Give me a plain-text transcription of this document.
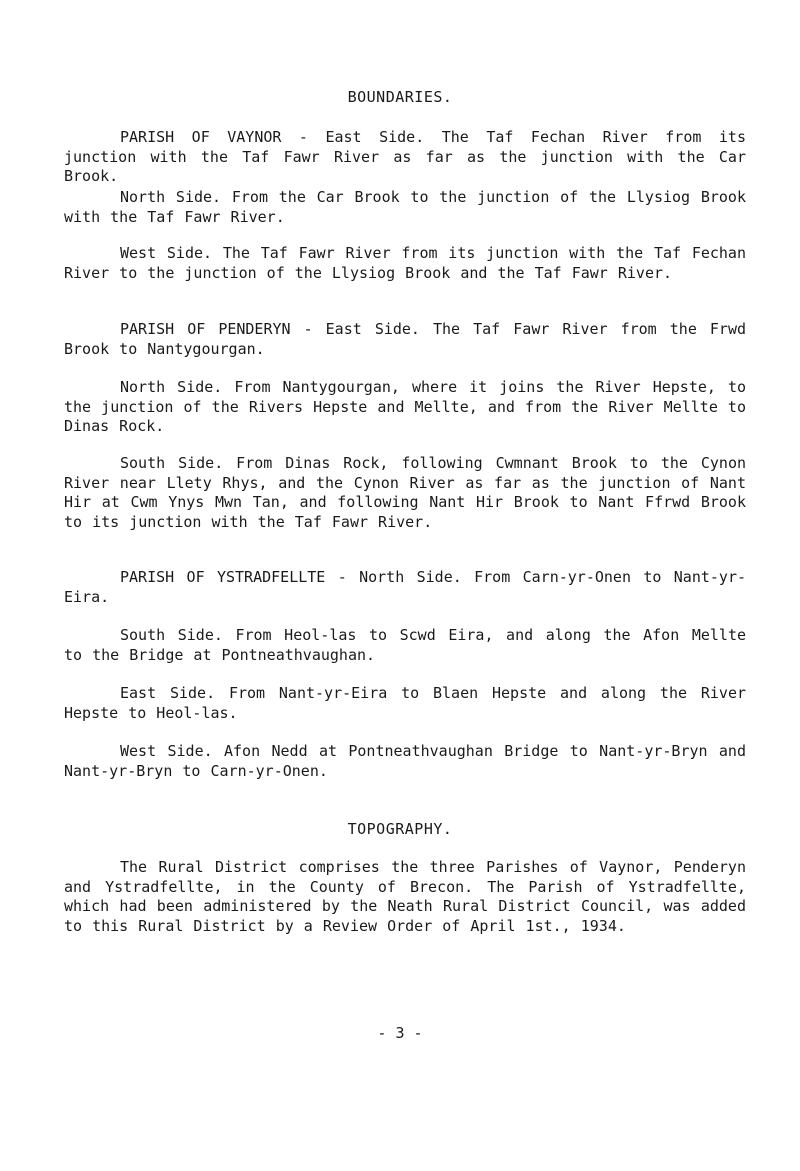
BOUNDARIES.

PARISH OF VAYNOR - East Side. The Taf Fechan River from its junction with the Taf Fawr River as far as the junction with the Car Brook.

North Side. From the Car Brook to the junction of the Llysiog Brook with the Taf Fawr River.

West Side. The Taf Fawr River from its junction with the Taf Fechan River to the junction of the Llysiog Brook and the Taf Fawr River.

PARISH OF PENDERYN - East Side. The Taf Fawr River from the Frwd Brook to Nantygourgan.

North Side. From Nantygourgan, where it joins the River Hepste, to the junction of the Rivers Hepste and Mellte, and from the River Mellte to Dinas Rock.

South Side. From Dinas Rock, following Cwmnant Brook to the Cynon River near Llety Rhys, and the Cynon River as far as the junction of Nant Hir at Cwm Ynys Mwn Tan, and following Nant Hir Brook to Nant Ffrwd Brook to its junction with the Taf Fawr River.

PARISH OF YSTRADFELLTE - North Side. From Carn-yr-Onen to Nant-yr-Eira.

South Side. From Heol-las to Scwd Eira, and along the Afon Mellte to the Bridge at Pontneathvaughan.

East Side. From Nant-yr-Eira to Blaen Hepste and along the River Hepste to Heol-las.

West Side. Afon Nedd at Pontneathvaughan Bridge to Nant-yr-Bryn and Nant-yr-Bryn to Carn-yr-Onen.

TOPOGRAPHY.

The Rural District comprises the three Parishes of Vaynor, Penderyn and Ystradfellte, in the County of Brecon. The Parish of Ystradfellte, which had been administered by the Neath Rural District Council, was added to this Rural District by a Review Order of April 1st., 1934.

- 3 -
